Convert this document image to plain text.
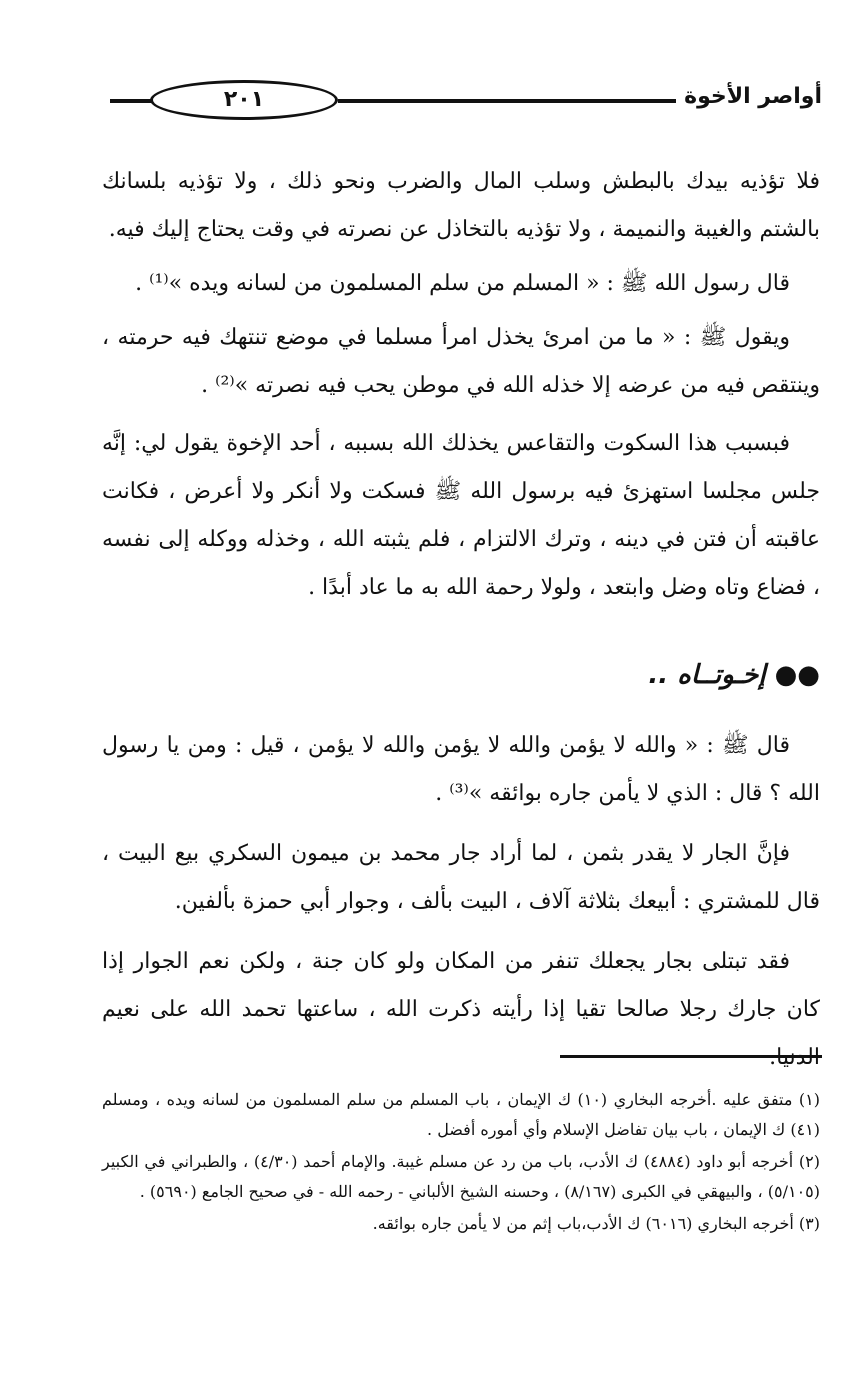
٢٠١	أواصر الأخوة

فلا تؤذيه بيدك بالبطش وسلب المال والضرب ونحو ذلك ، ولا تؤذيه بلسانك بالشتم والغيبة والنميمة ، ولا تؤذيه بالتخاذل عن نصرته في وقت يحتاج إليك فيه.

قال رسول الله ﷺ : « المسلم من سلم المسلمون من لسانه ويده »⁽¹⁾ .

ويقول ﷺ : « ما من امرئ يخذل امرأ مسلما في موضع تنتهك فيه حرمته ، وينتقص فيه من عرضه إلا خذله الله في موطن يحب فيه نصرته »⁽²⁾ .

فبسبب هذا السكوت والتقاعس يخذلك الله بسببه ، أحد الإخوة يقول لي: إنَّه جلس مجلسا استهزئ فيه برسول الله ﷺ فسكت ولا أنكر ولا أعرض ، فكانت عاقبته أن فتن في دينه ، وترك الالتزام ، فلم يثبته الله ، وخذله ووكله إلى نفسه ، فضاع وتاه وضل وابتعد ، ولولا رحمة الله به ما عاد أبدًا .

●● إخـوتــاه ..

قال ﷺ : « والله لا يؤمن والله لا يؤمن والله لا يؤمن ، قيل : ومن يا رسول الله ؟ قال : الذي لا يأمن جاره بوائقه »⁽³⁾ .

فإنَّ الجار لا يقدر بثمن ، لما أراد جار محمد بن ميمون السكري بيع البيت ، قال للمشتري : أبيعك بثلاثة آلاف ، البيت بألف ، وجوار أبي حمزة بألفين.

فقد تبتلى بجار يجعلك تنفر من المكان ولو كان جنة ، ولكن نعم الجوار إذا كان جارك رجلا صالحا تقيا إذا رأيته ذكرت الله ، ساعتها تحمد الله على نعيم الدنيا.

(١) متفق عليه .أخرجه البخاري (١٠) ك الإيمان ، باب المسلم من سلم المسلمون من لسانه ويده ، ومسلم (٤١) ك الإيمان ، باب بيان تفاضل الإسلام وأي أموره أفضل .

(٢) أخرجه أبو داود (٤٨٨٤) ك الأدب، باب من رد عن مسلم غيبة. والإمام أحمد (٤/٣٠) ، والطبراني في الكبير (٥/١٠٥) ، والبيهقي في الكبرى (٨/١٦٧) ، وحسنه الشيخ الألباني - رحمه الله - في صحيح الجامع (٥٦٩٠) .

(٣) أخرجه البخاري (٦٠١٦) ك الأدب،باب إثم من لا يأمن جاره بوائقه.
